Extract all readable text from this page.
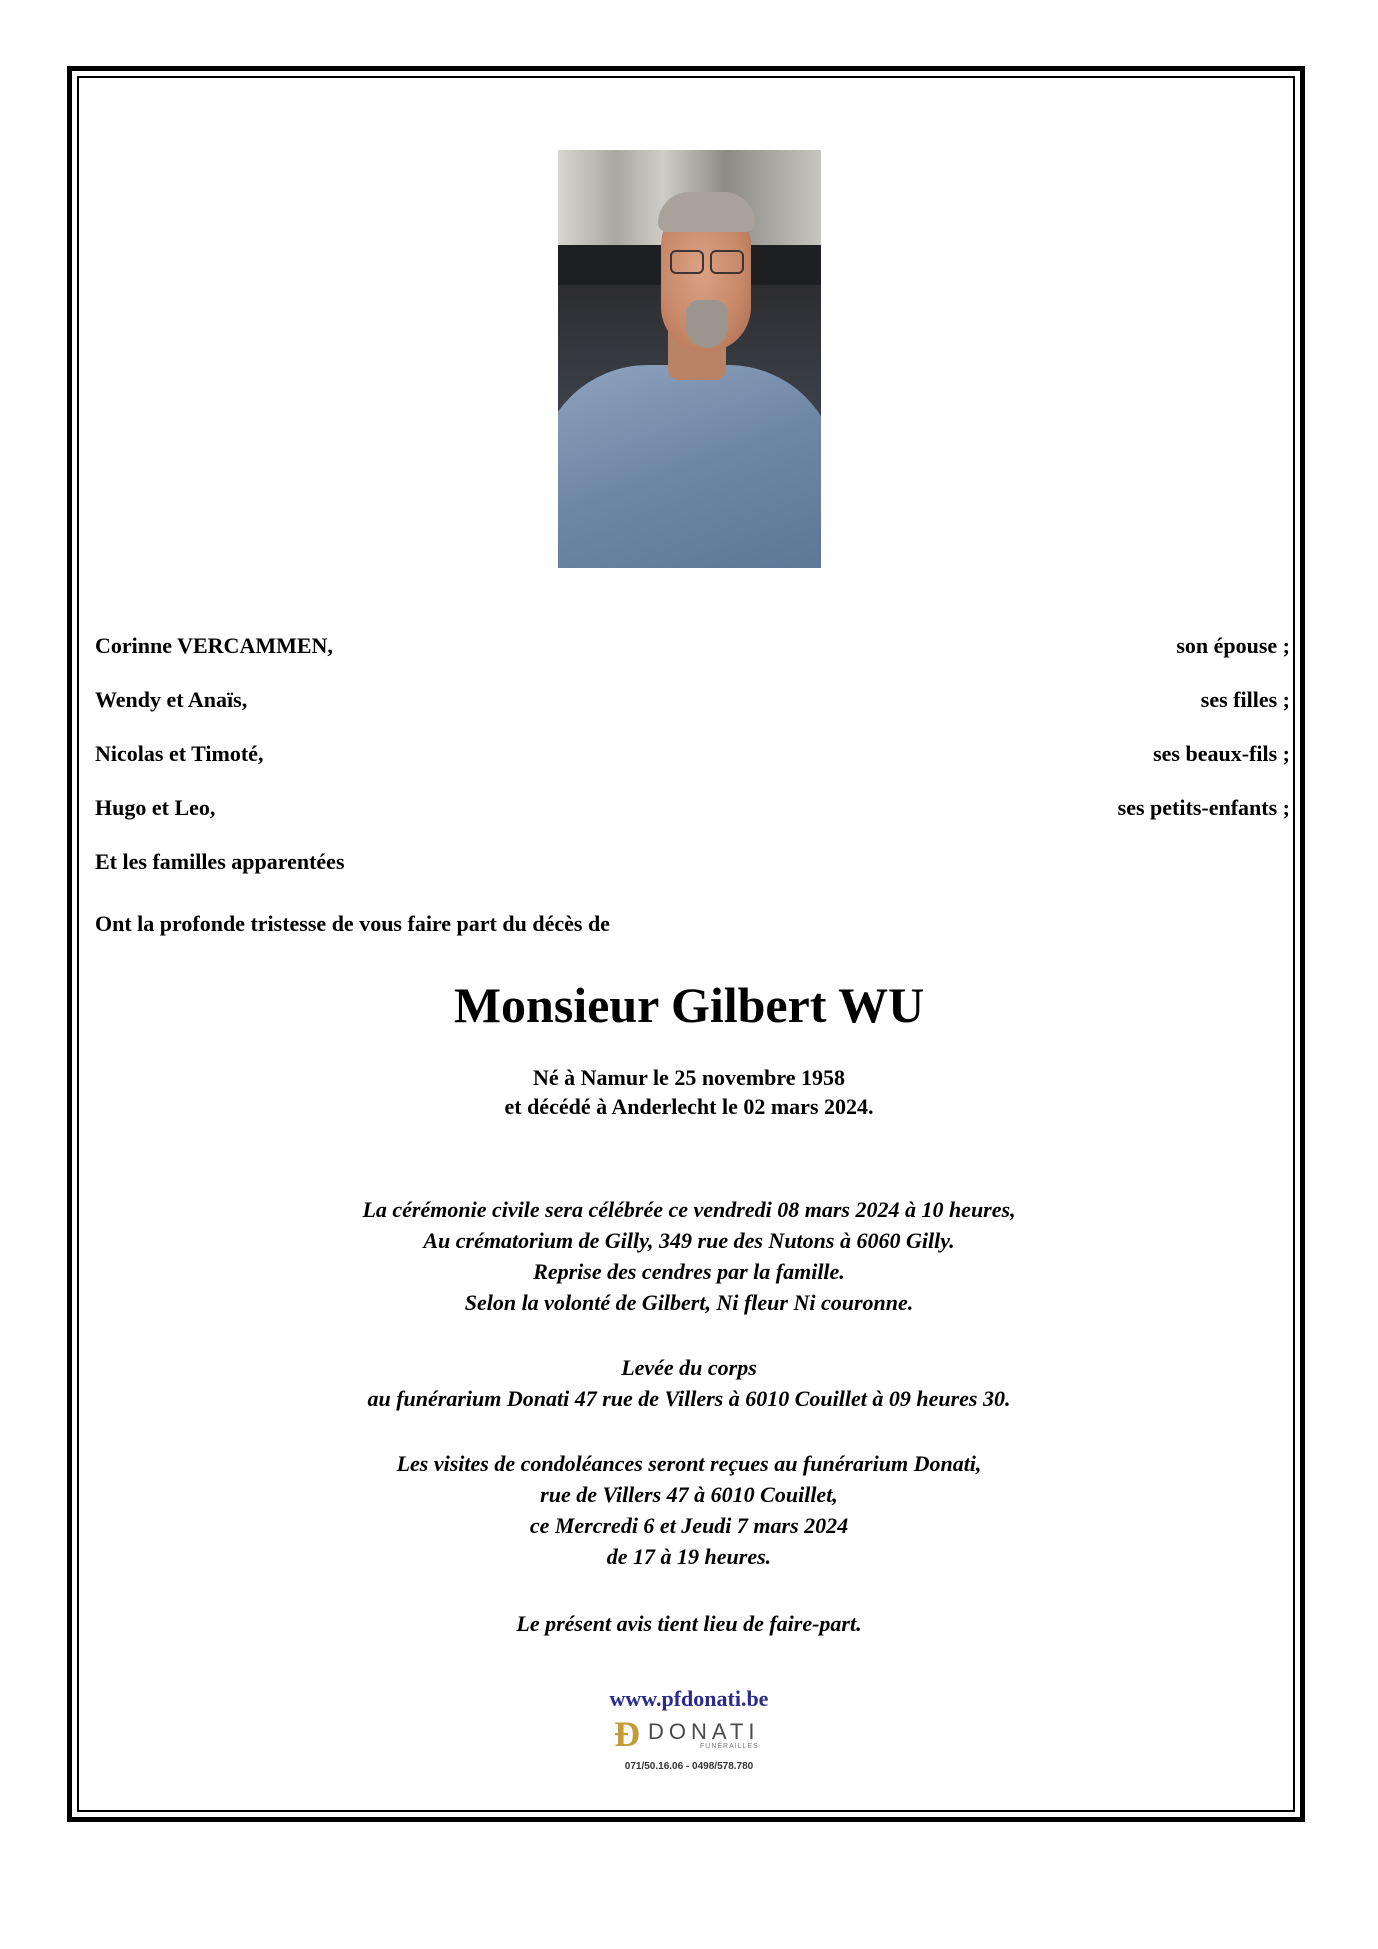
Corinne VERCAMMEN,	son épouse ;
Wendy et Anaïs,	ses filles ;
Nicolas et Timoté,	ses beaux-fils ;
Hugo et Leo,	ses petits-enfants ;
Et les familles apparentées
Ont la profonde tristesse de vous faire part du décès de
Monsieur Gilbert WU
Né à Namur le 25 novembre 1958
et décédé à Anderlecht le 02 mars 2024.
La cérémonie civile sera célébrée ce vendredi 08 mars 2024 à 10 heures,
Au crématorium de Gilly, 349 rue des Nutons à 6060 Gilly.
Reprise des cendres par la famille.
Selon la volonté de Gilbert, Ni fleur Ni couronne.
Levée du corps
au funérarium Donati 47 rue de Villers à 6010 Couillet à 09 heures 30.
Les visites de condoléances seront reçues au funérarium Donati,
rue de Villers 47 à 6010 Couillet,
ce Mercredi 6 et Jeudi 7 mars 2024
de 17 à 19 heures.
Le présent avis tient lieu de faire-part.
www.pfdonati.be
Ð DONATI
FUNÉRAILLES
071/50.16.06 - 0498/578.780
